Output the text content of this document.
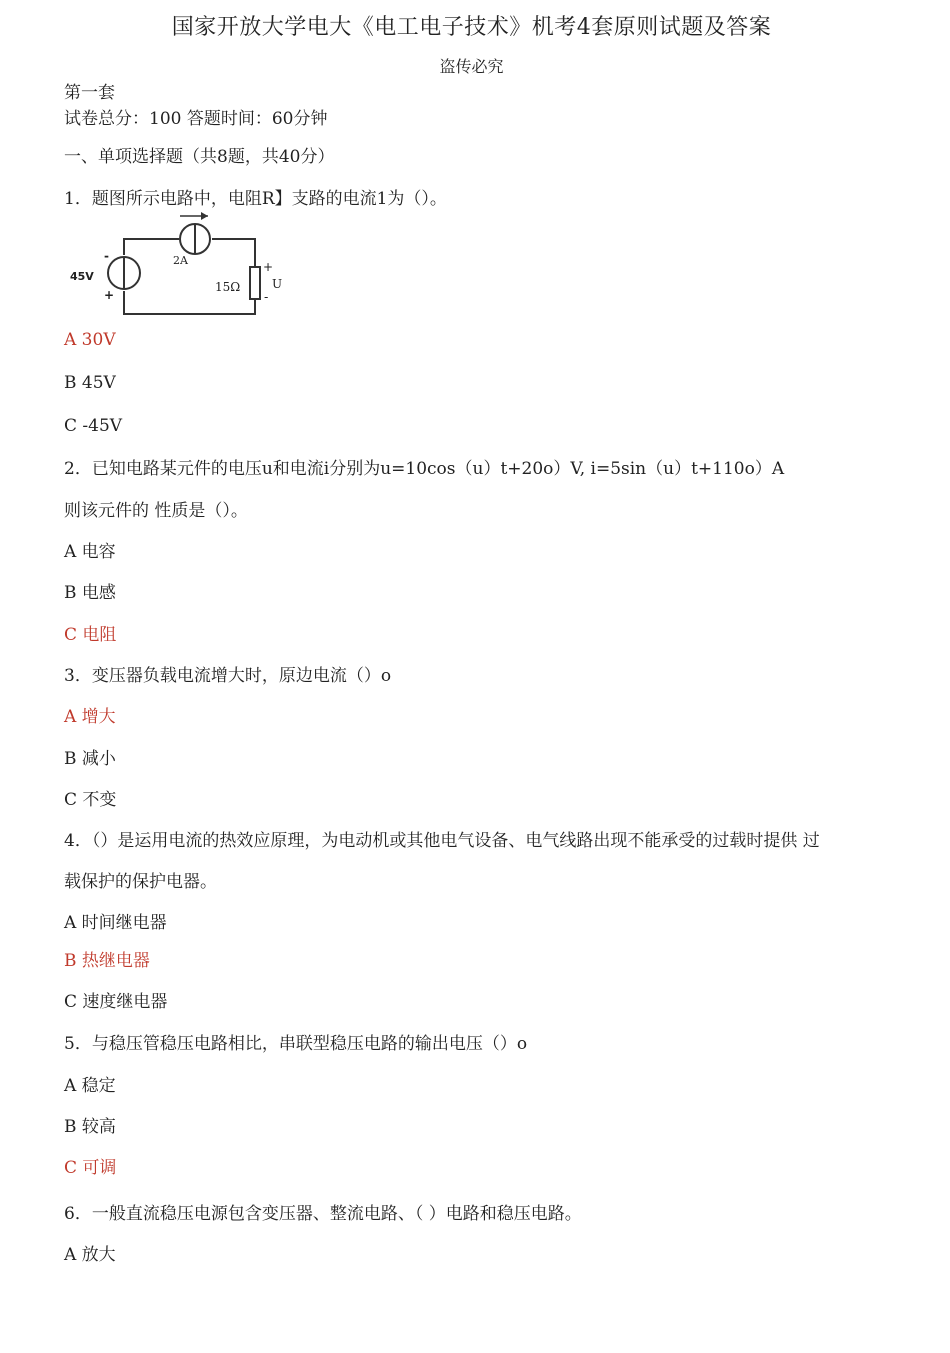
国家开放大学电大《电工电子技术》机考4套原则试题及答案
盗传必究
第一套
试卷总分：100 答题时间：60分钟
一、单项选择题（共8题，共40分）
1．题图所示电路中，电阻R】支路的电流1为（）。
45V
-
+
2A
15Ω
+
U
-
A 30V
B 45V
C -45V
2．已知电路某元件的电压u和电流i分别为u=10cos（u）t+20o）V, i=5sin（u）t+110o）A
则该元件的 性质是（）。
A 电容
B 电感
C 电阻
3．变压器负载电流增大时，原边电流（）o
A 增大
B 减小
C 不变
4．（）是运用电流的热效应原理，为电动机或其他电气设备、电气线路出现不能承受的过载时提供 过
载保护的保护电器。
A 时间继电器
B 热继电器
C 速度继电器
5．与稳压管稳压电路相比，串联型稳压电路的输出电压（）o
A 稳定
B 较高
C 可调
6．一般直流稳压电源包含变压器、整流电路、（ ）电路和稳压电路。
A 放大
